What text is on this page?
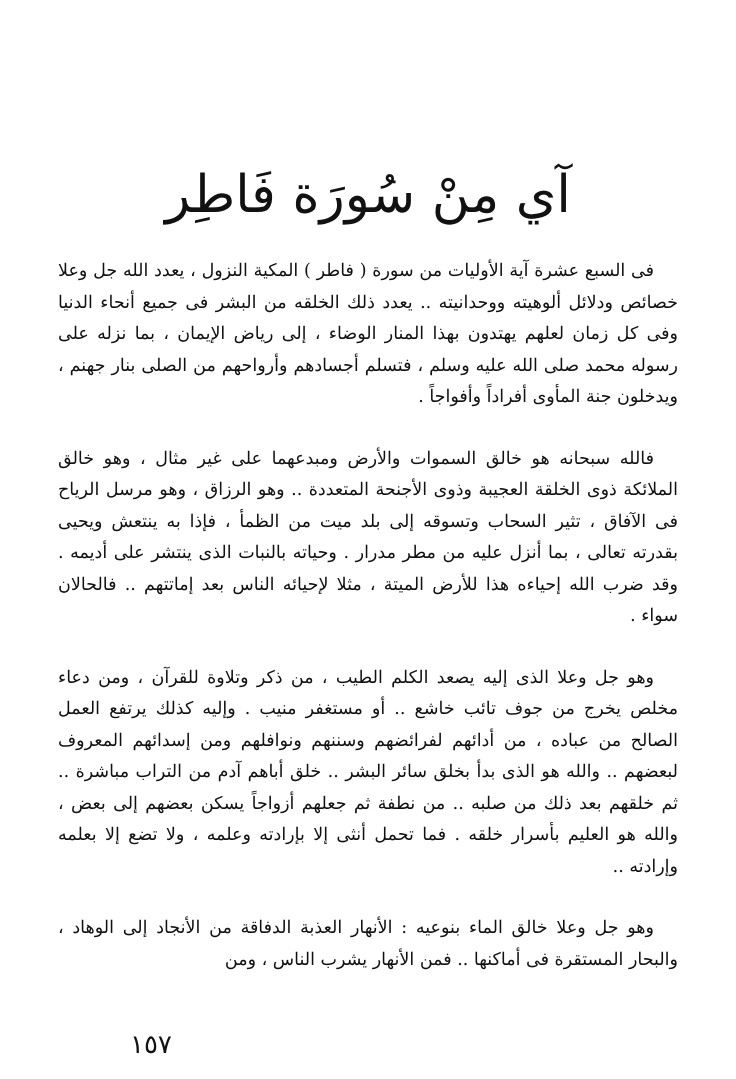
آي مِنْ سُورَة فَاطِر

فى السبع عشرة آية الأوليات من سورة ( فاطر ) المكية النزول ، يعدد الله جل وعلا خصائص ودلائل ألوهيته ووحدانيته .. يعدد ذلك الخلقه من البشر فى جميع أنحاء الدنيا وفى كل زمان لعلهم يهتدون بهذا المنار الوضاء ، إلى رياض الإيمان ، بما نزله على رسوله محمد صلى الله عليه وسلم ، فتسلم أجسادهم وأرواحهم من الصلى بنار جهنم ، ويدخلون جنة المأوى أفراداً وأفواجاً .

فالله سبحانه هو خالق السموات والأرض ومبدعهما على غير مثال ، وهو خالق الملائكة ذوى الخلقة العجيبة وذوى الأجنحة المتعددة .. وهو الرزاق ، وهو مرسل الرياح فى الآفاق ، تثير السحاب وتسوقه إلى بلد ميت من الظمأ ، فإذا به ينتعش ويحيى بقدرته تعالى ، بما أنزل عليه من مطر مدرار . وحياته بالنبات الذى ينتشر على أديمه . وقد ضرب الله إحياءه هذا للأرض الميتة ، مثلا لإحيائه الناس بعد إماتتهم .. فالحالان سواء .

وهو جل وعلا الذى إليه يصعد الكلم الطيب ، من ذكر وتلاوة للقرآن ، ومن دعاء مخلص يخرج من جوف تائب خاشع .. أو مستغفر منيب . وإليه كذلك يرتفع العمل الصالح من عباده ، من أدائهم لفرائضهم وسننهم ونوافلهم ومن إسدائهم المعروف لبعضهم .. والله هو الذى بدأ بخلق سائر البشر .. خلق أباهم آدم من التراب مباشرة .. ثم خلقهم بعد ذلك من صلبه .. من نطفة ثم جعلهم أزواجاً يسكن بعضهم إلى بعض ، والله هو العليم بأسرار خلقه . فما تحمل أنثى إلا بإرادته وعلمه ، ولا تضع إلا بعلمه وإرادته ..

وهو جل وعلا خالق الماء بنوعيه : الأنهار العذبة الدفاقة من الأنجاد إلى الوهاد ، والبحار المستقرة فى أماكنها .. فمن الأنهار يشرب الناس ، ومن

١٥٧
